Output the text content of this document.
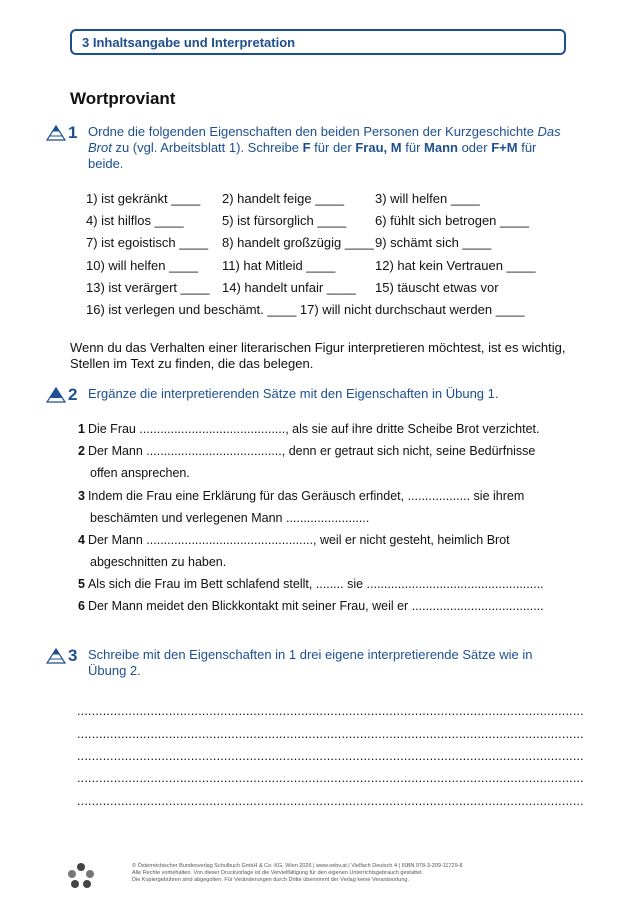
3 Inhaltsangabe und Interpretation
Wortproviant
1 Ordne die folgenden Eigenschaften den beiden Personen der Kurzgeschichte Das Brot zu (vgl. Arbeitsblatt 1). Schreibe F für der Frau, M für Mann oder F+M für
beide.
1) ist gekränkt ____ 2) handelt feige ____ 3) will helfen ____
4) ist hilflos ____	5) ist fürsorglich ____ 6) fühlt sich betrogen ____
7) ist egoistisch ____ 8) handelt großzügig ____ 9) schämt sich ____
10) will helfen ____ 11) hat Mitleid ____	12) hat kein Vertrauen ____
13) ist verärgert ____ 14) handelt unfair ____ 15) täuscht etwas vor
16) ist verlegen und beschämt. ____ 17) will nicht durchschaut werden ____
Wenn du das Verhalten einer literarischen Figur interpretieren möchtest, ist es wichtig, Stellen im Text zu finden, die das belegen.
2 Ergänze die interpretierenden Sätze mit den Eigenschaften in Übung 1.
1 Die Frau .........................................., als sie auf ihre dritte Scheibe Brot verzichtet.
2 Der Mann ......................................., denn er getraut sich nicht, seine Bedürfnisse
offen ansprechen.
3 Indem die Frau eine Erklärung für das Geräusch erfindet, .................. sie ihrem
beschämten und verlegenen Mann ........................
4 Der Mann ................................................, weil er nicht gesteht, heimlich Brot
abgeschnitten zu haben.
5 Als sich die Frau im Bett schlafend stellt, ........ sie ...................................................
6 Der Mann meidet den Blickkontakt mit seiner Frau, weil er ......................................
3 Schreibe mit den Eigenschaften in 1 drei eigene interpretierende Sätze wie in
Übung 2.
..........................................................................................................................................
..........................................................................................................................................
..........................................................................................................................................
..........................................................................................................................................
..........................................................................................................................................
öbv
© Österreichischer Bundesverlag Schulbuch GmbH & Co. KG, Wien 2026 | www.oebv.at | Vielfach Deutsch 4 | ISBN 978-3-209-11729-8
Alle Rechte vorbehalten. Von dieser Druckvorlage ist die Vervielfältigung für den eigenen Unterrichtsgebrauch gestattet.
Die Kopiergebühren sind abgegolten. Für Veränderungen durch Dritte übernimmt der Verlag keine Verantwortung.
